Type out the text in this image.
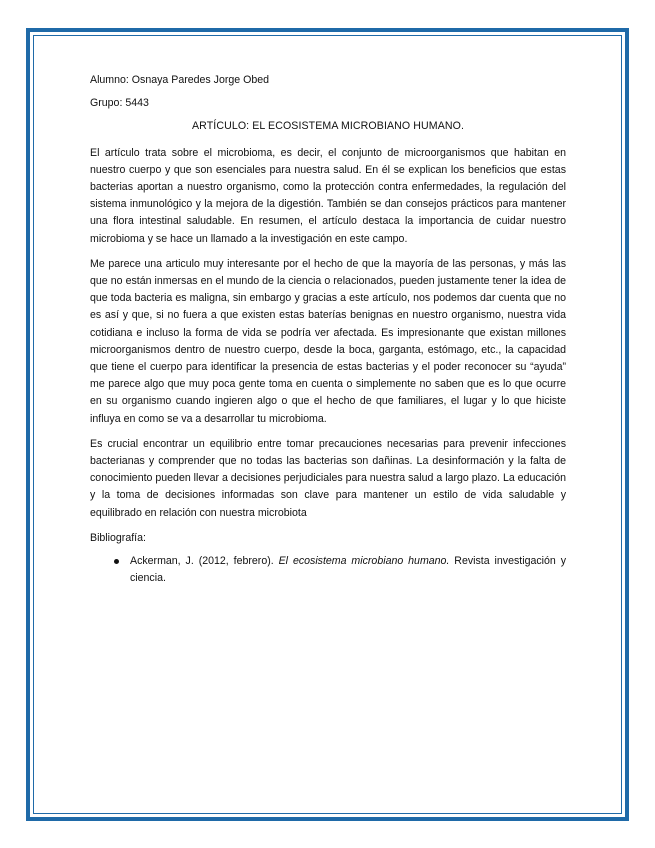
Alumno: Osnaya Paredes Jorge Obed

Grupo: 5443

ARTÍCULO: EL ECOSISTEMA MICROBIANO HUMANO.

El artículo trata sobre el microbioma, es decir, el conjunto de microorganismos que habitan en nuestro cuerpo y que son esenciales para nuestra salud. En él se explican los beneficios que estas bacterias aportan a nuestro organismo, como la protección contra enfermedades, la regulación del sistema inmunológico y la mejora de la digestión. También se dan consejos prácticos para mantener una flora intestinal saludable. En resumen, el artículo destaca la importancia de cuidar nuestro microbioma y se hace un llamado a la investigación en este campo.

Me parece una articulo muy interesante por el hecho de que la mayoría de las personas, y más las que no están inmersas en el mundo de la ciencia o relacionados, pueden justamente tener la idea de que toda bacteria es maligna, sin embargo y gracias a este artículo, nos podemos dar cuenta que no es así y que, si no fuera a que existen estas baterías benignas en nuestro organismo, nuestra vida cotidiana e incluso la forma de vida se podría ver afectada. Es impresionante que existan millones microorganismos dentro de nuestro cuerpo, desde la boca, garganta, estómago, etc., la capacidad que tiene el cuerpo para identificar la presencia de estas bacterias y el poder reconocer su “ayuda” me parece algo que muy poca gente toma en cuenta o simplemente no saben que es lo que ocurre en su organismo cuando ingieren algo o que el hecho de que familiares, el lugar y lo que hiciste influya en como se va a desarrollar tu microbioma.

Es crucial encontrar un equilibrio entre tomar precauciones necesarias para prevenir infecciones bacterianas y comprender que no todas las bacterias son dañinas. La desinformación y la falta de conocimiento pueden llevar a decisiones perjudiciales para nuestra salud a largo plazo. La educación y la toma de decisiones informadas son clave para mantener un estilo de vida saludable y equilibrado en relación con nuestra microbiota

Bibliografía:

Ackerman, J. (2012, febrero). El ecosistema microbiano humano. Revista investigación y ciencia.
